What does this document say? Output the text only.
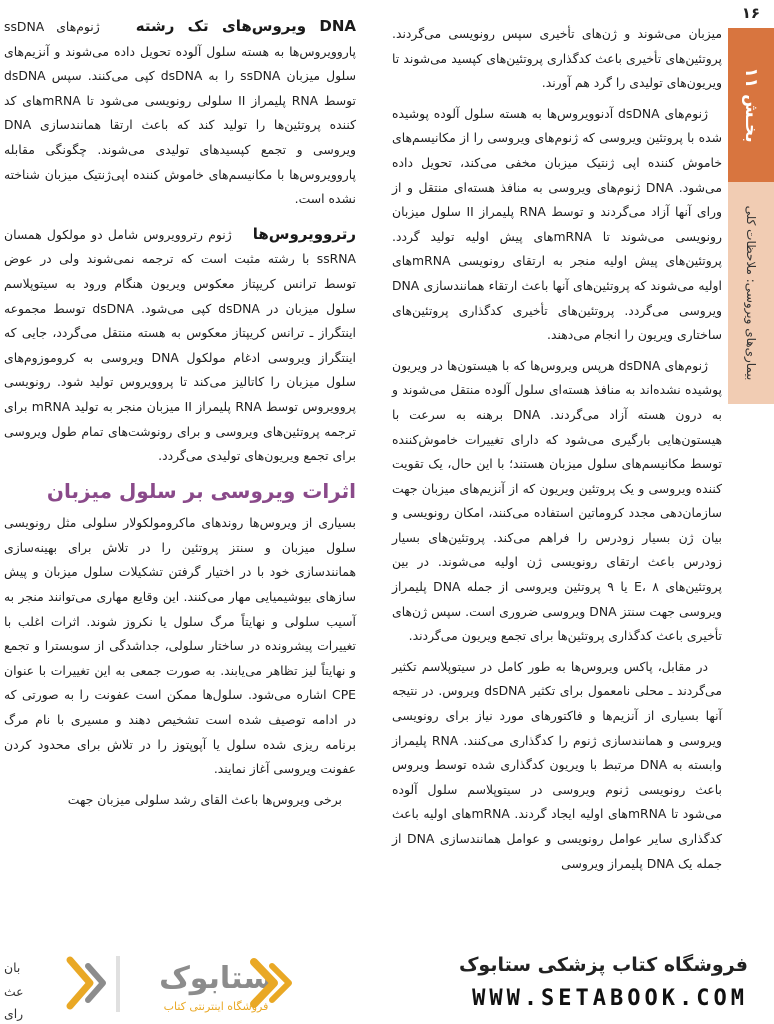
۱۶
بخـش ۱۱
بیماری‌های ویروسی: ملاحظات کلی

میزبان می‌شوند و ژن‌های تأخیری سپس رونویسی می‌گردند. پروتئین‌های تأخیری باعث کدگذاری پروتئین‌های کپسید می‌شوند تا ویریون‌های تولیدی را گرد هم آورند.

ژنوم‌های dsDNA آدنوویروس‌ها به هسته سلول آلوده پوشیده شده با پروتئین ویروسی که ژنوم‌های ویروسی را از مکانیسم‌های خاموش کننده اپی ژنتیک میزبان مخفی می‌کند، تحویل داده می‌شود. DNA ژنوم‌های ویروسی به منافذ هسته‌ای منتقل و از ورای آنها آزاد می‌گردند و توسط RNA پلیمراز II سلول میزبان رونویسی می‌شوند تا mRNAهای پیش اولیه تولید گردد. پروتئین‌های پیش اولیه منجر به ارتقای رونویسی mRNAهای اولیه می‌شوند که پروتئین‌های آنها باعث ارتقاء همانندسازی DNA ویروسی می‌گردد. پروتئین‌های تأخیری کدگذاری پروتئین‌های ساختاری ویریون را انجام می‌دهند.

ژنوم‌های dsDNA هرپس ویروس‌ها که با هیستون‌ها در ویریون پوشیده نشده‌اند به منافذ هسته‌ای سلول آلوده منتقل می‌شوند و به درون هسته آزاد می‌گردند. DNA برهنه به سرعت با هیستون‌هایی بارگیری می‌شود که دارای تغییرات خاموش‌کننده توسط مکانیسم‌های سلول میزبان هستند؛ با این حال، یک تقویت کننده ویروسی و یک پروتئین ویریون که از آنزیم‌های میزبان جهت سازمان‌دهی مجدد کروماتین استفاده می‌کنند، امکان رونویسی و بیان ژن بسیار زودرس را فراهم می‌کند. پروتئین‌های بسیار زودرس باعث ارتقای رونویسی ژن اولیه می‌شوند. در بین پروتئین‌های E، ۸ یا ۹ پروتئین ویروسی از جمله DNA پلیمراز ویروسی جهت سنتز DNA ویروسی ضروری است. سپس ژن‌های تأخیری باعث کدگذاری پروتئین‌ها برای تجمع ویریون می‌گردند.

در مقابل، پاکس ویروس‌ها به طور کامل در سیتوپلاسم تکثیر می‌گردند ـ محلی نامعمول برای تکثیر dsDNA ویروس. در نتیجه آنها بسیاری از آنزیم‌ها و فاکتورهای مورد نیاز برای رونویسی ویروسی و همانندسازی ژنوم را کدگذاری می‌کنند. RNA پلیمراز وابسته به DNA مرتبط با ویریون کدگذاری شده توسط ویروس باعث رونویسی ژنوم ویروسی در سیتوپلاسم سلول آلوده می‌شود تا mRNAهای اولیه ایجاد گردند. mRNAهای اولیه باعث کدگذاری سایر عوامل رونویسی و عوامل همانندسازی DNA از جمله یک DNA پلیمراز ویروسی

DNA ویروس‌های تک رشته   ژنوم‌های ssDNA پاروویروس‌ها به هسته سلول آلوده تحویل داده می‌شوند و آنزیم‌های سلول میزبان ssDNA را به dsDNA کپی می‌کنند. سپس dsDNA توسط RNA پلیمراز II سلولی رونویسی می‌شود تا mRNAهای کد کننده پروتئین‌ها را تولید کند که باعث ارتقا همانندسازی DNA ویروسی و تجمع کپسیدهای تولیدی می‌شوند. چگونگی مقابله پاروویروس‌ها با مکانیسم‌های خاموش کننده اپی‌ژنتیک میزبان شناخته نشده است.

رتروویروس‌ها    ژنوم رتروویروس شامل دو مولکول همسان ssRNA با رشته مثبت است که ترجمه نمی‌شوند ولی در عوض توسط ترانس کریپتاز معکوس ویریون هنگام ورود به سیتوپلاسم سلول میزبان در dsDNA کپی می‌شود. dsDNA توسط مجموعه اینتگراز ـ ترانس کریپتاز معکوس به هسته منتقل می‌گردد، جایی که اینتگراز ویروسی ادغام مولکول DNA ویروسی به کروموزوم‌های سلول میزبان را کاتالیز می‌کند تا پروویروس تولید شود. رونویسی پروویروس توسط RNA پلیمراز II میزبان منجر به تولید mRNA برای ترجمه پروتئین‌های ویروسی و برای رونوشت‌های تمام طول ویروسی برای تجمع ویریون‌های تولیدی می‌گردد.

اثرات ویروسی بر سلول میزبان

بسیاری از ویروس‌ها روندهای ماکرومولکولار سلولی مثل رونویسی سلول میزبان و سنتز پروتئین را در تلاش برای بهینه‌سازی همانندسازی خود با در اختیار گرفتن تشکیلات سلول میزبان و پیش سازهای بیوشیمیایی مهار می‌کنند. این وقایع مهاری می‌توانند منجر به آسیب سلولی و نهایتاً مرگ سلول یا نکروز شوند. اثرات اغلب با تغییرات پیشرونده در ساختار سلولی، جداشدگی از سوبسترا و تجمع و نهایتاً لیز تظاهر می‌یابند. به صورت جمعی به این تغییرات با عنوان CPE اشاره می‌شود. سلول‌ها ممکن است عفونت را به صورتی که در ادامه توصیف شده است تشخیص دهند و مسیری با نام مرگ برنامه ریزی شده سلول یا آپوپتوز را در تلاش برای محدود کردن عفونت ویروسی آغاز نمایند.

برخی ویروس‌ها باعث القای رشد سلولی میزبان جهت

ستابوک
فروشگاه اینترنتی کتاب
فروشگاه کتاب پزشکی ستابوک
WWW.SETABOOK.COM
بان
عث
رای
